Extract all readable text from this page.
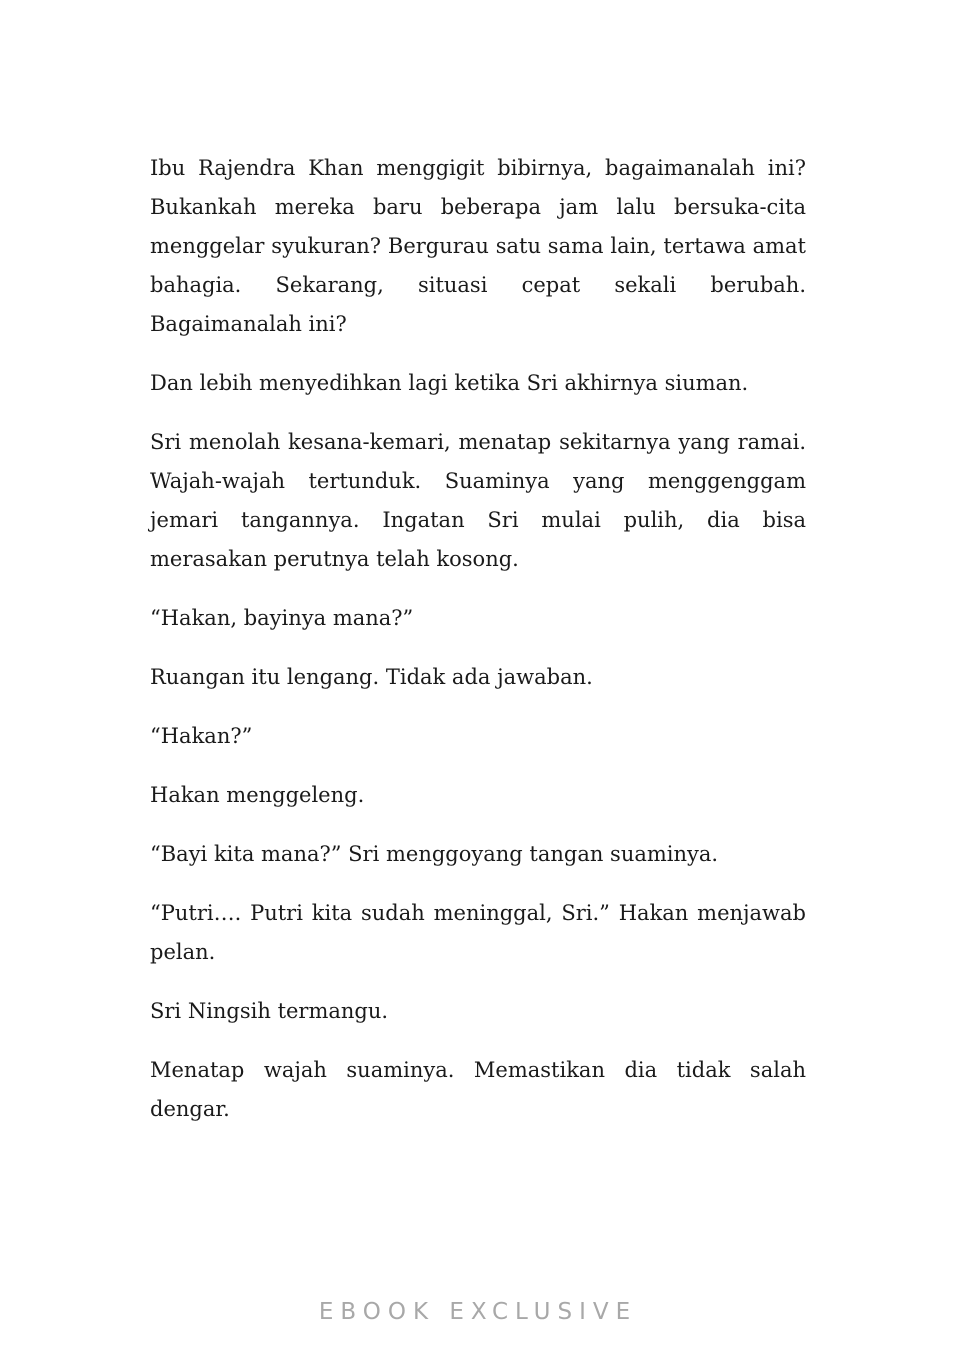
Ibu Rajendra Khan menggigit bibirnya, bagaimanalah ini? Bukankah mereka baru beberapa jam lalu bersuka-cita menggelar syukuran? Bergurau satu sama lain, tertawa amat bahagia. Sekarang, situasi cepat sekali berubah. Bagaimanalah ini?

Dan lebih menyedihkan lagi ketika Sri akhirnya siuman.

Sri menolah kesana-kemari, menatap sekitarnya yang ramai. Wajah-wajah tertunduk. Suaminya yang menggenggam jemari tangannya. Ingatan Sri mulai pulih, dia bisa merasakan perutnya telah kosong.

“Hakan, bayinya mana?”

Ruangan itu lengang. Tidak ada jawaban.

“Hakan?”

Hakan menggeleng.

“Bayi kita mana?” Sri menggoyang tangan suaminya.

“Putri…. Putri kita sudah meninggal, Sri.” Hakan menjawab pelan.

Sri Ningsih termangu.

Menatap wajah suaminya. Memastikan dia tidak salah dengar.

EBOOK EXCLUSIVE
